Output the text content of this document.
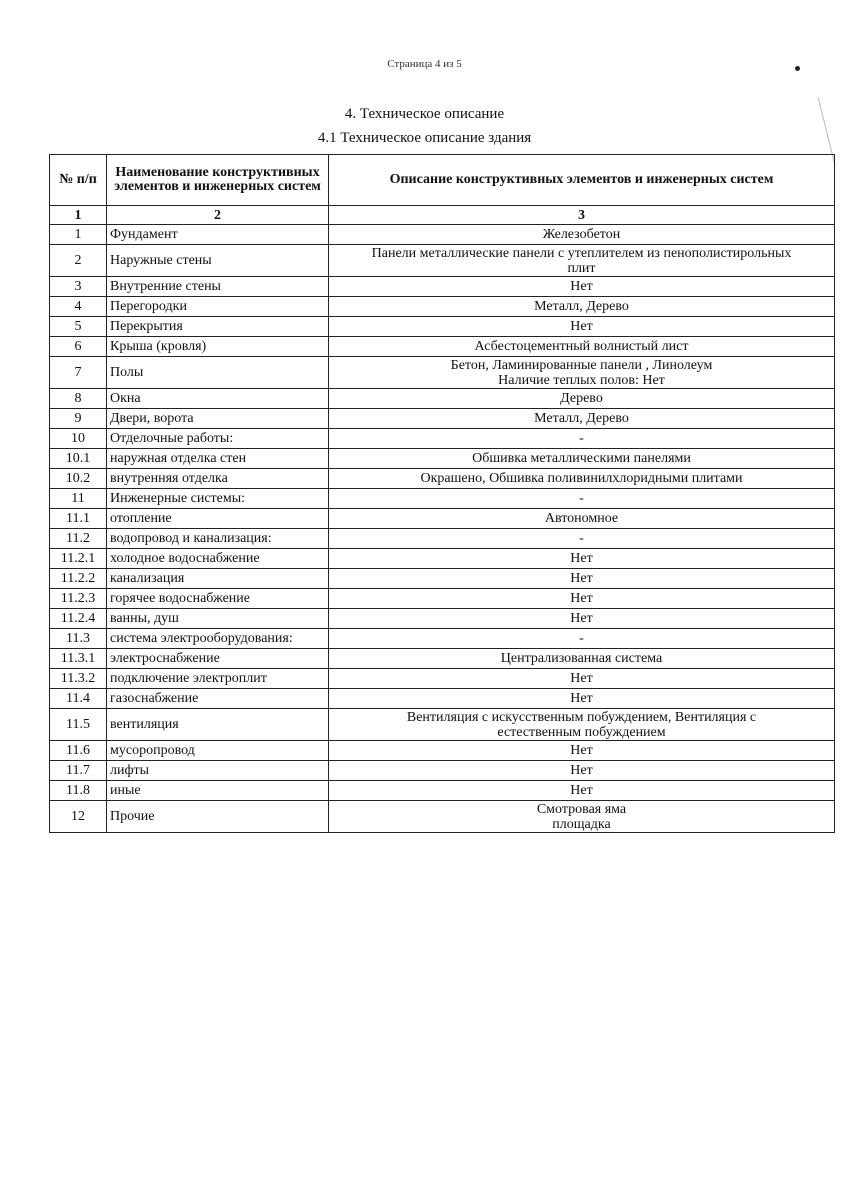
Страница 4 из 5
4. Техническое описание
4.1 Техническое описание здания
№ п/п	Наименование конструктивных элементов и инженерных систем	Описание конструктивных элементов и инженерных систем
1	2	3
1	Фундамент	Железобетон
2	Наружные стены	Панели металлические панели с утеплителем из пенополистирольных
плит
3	Внутренние стены	Нет
4	Перегородки	Металл, Дерево
5	Перекрытия	Нет
6	Крыша (кровля)	Асбестоцементный волнистый лист
7	Полы	Бетон, Ламинированные панели , Линолеум
Наличие теплых полов: Нет
8	Окна	Дерево
9	Двери, ворота	Металл, Дерево
10	Отделочные работы:	-
10.1	наружная отделка стен	Обшивка металлическими панелями
10.2	внутренняя отделка	Окрашено, Обшивка поливинилхлоридными плитами
11	Инженерные системы:	-
11.1	отопление	Автономное
11.2	водопровод и канализация:	-
11.2.1	холодное водоснабжение	Нет
11.2.2	канализация	Нет
11.2.3	горячее водоснабжение	Нет
11.2.4	ванны, душ	Нет
11.3	система электрооборудования:	-
11.3.1	электроснабжение	Централизованная система
11.3.2	подключение электроплит	Нет
11.4	газоснабжение	Нет
11.5	вентиляция	Вентиляция с искусственным побуждением, Вентиляция с
естественным побуждением
11.6	мусоропровод	Нет
11.7	лифты	Нет
11.8	иные	Нет
12	Прочие	Смотровая яма
площадка
